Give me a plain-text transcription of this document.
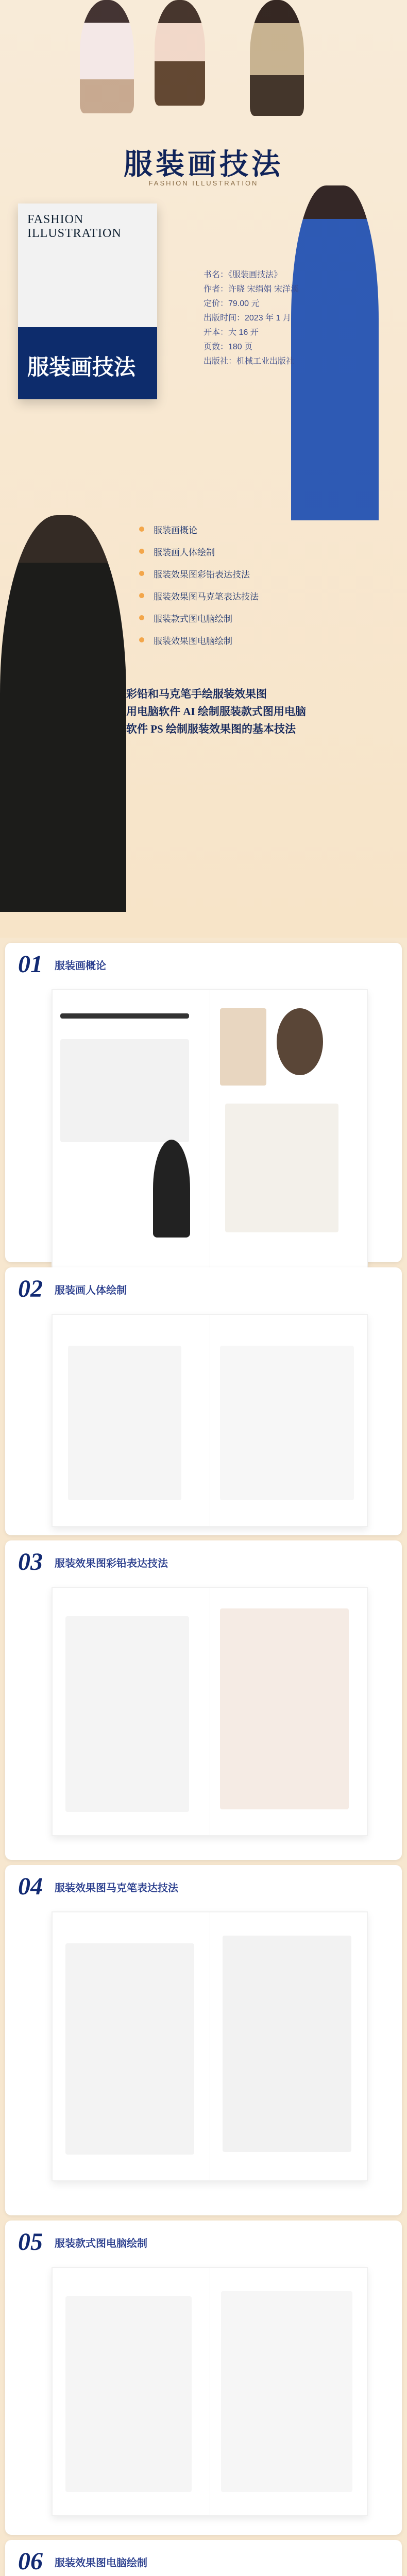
服装画技法
FASHION ILLUSTRATION
FASHION ILLUSTRATION
服装画技法
书名：《服装画技法》
作者：许晓 宋绢娟 宋洋溪
定价：79.00 元
出版时间：2023 年 1 月
开本：大 16 开
页数：180 页
出版社：机械工业出版社
服装画概论
服装画人体绘制
服装效果图彩铅表达技法
服装效果图马克笔表达技法
服装款式图电脑绘制
服装效果图电脑绘制
彩铅和马克笔手绘服装效果图
用电脑软件 AI 绘制服装款式图用电脑
软件 PS 绘制服装效果图的基本技法
01 服装画概论
02 服装画人体绘制
03 服装效果图彩铅表达技法
04 服装效果图马克笔表达技法
05 服装款式图电脑绘制
06 服装效果图电脑绘制
